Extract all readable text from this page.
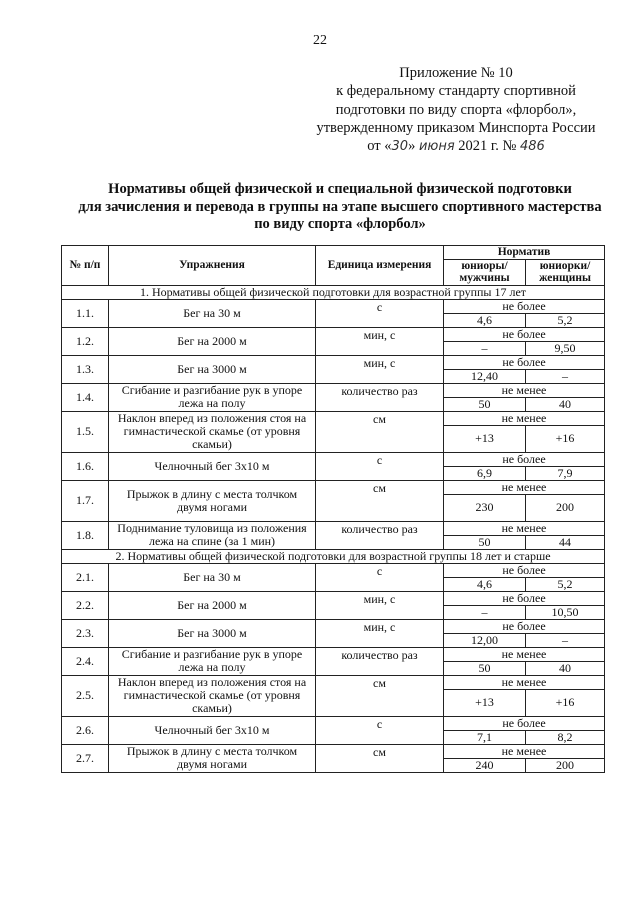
22
Приложение № 10
к федеральному стандарту спортивной
подготовки по виду спорта «флорбол»,
утвержденному приказом Минспорта России
от «30» июня 2021 г. № 486
Нормативы общей физической и специальной физической подготовки
для зачисления и перевода в группы на этапе высшего спортивного мастерства
по виду спорта «флорбол»
№ п/п	Упражнения	Единица измерения	Норматив	
			юниоры/ мужчины	юниорки/ женщины
1. Нормативы общей физической подготовки для возрастной группы 17 лет				
1.1.	Бег на 30 м	с	не более	
			4,6	5,2
1.2.	Бег на 2000 м	мин, с	не более	
			–	9,50
1.3.	Бег на 3000 м	мин, с	не более	
			12,40	–
1.4.	Сгибание и разгибание рук в упоре лежа на полу	количество раз	не менее	
			50	40
1.5.	Наклон вперед из положения стоя на гимнастической скамье (от уровня скамьи)	см	не менее	
			+13	+16
1.6.	Челночный бег 3х10 м	с	не более	
			6,9	7,9
1.7.	Прыжок в длину с места толчком двумя ногами	см	не менее	
			230	200
1.8.	Поднимание туловища из положения лежа на спине (за 1 мин)	количество раз	не менее	
			50	44
2. Нормативы общей физической подготовки для возрастной группы 18 лет и старше				
2.1.	Бег на 30 м	с	не более	
			4,6	5,2
2.2.	Бег на 2000 м	мин, с	не более	
			–	10,50
2.3.	Бег на 3000 м	мин, с	не более	
			12,00	–
2.4.	Сгибание и разгибание рук в упоре лежа на полу	количество раз	не менее	
			50	40
2.5.	Наклон вперед из положения стоя на гимнастической скамье (от уровня скамьи)	см	не менее	
			+13	+16
2.6.	Челночный бег 3х10 м	с	не более	
			7,1	8,2
2.7.	Прыжок в длину с места толчком двумя ногами	см	не менее	
			240	200
